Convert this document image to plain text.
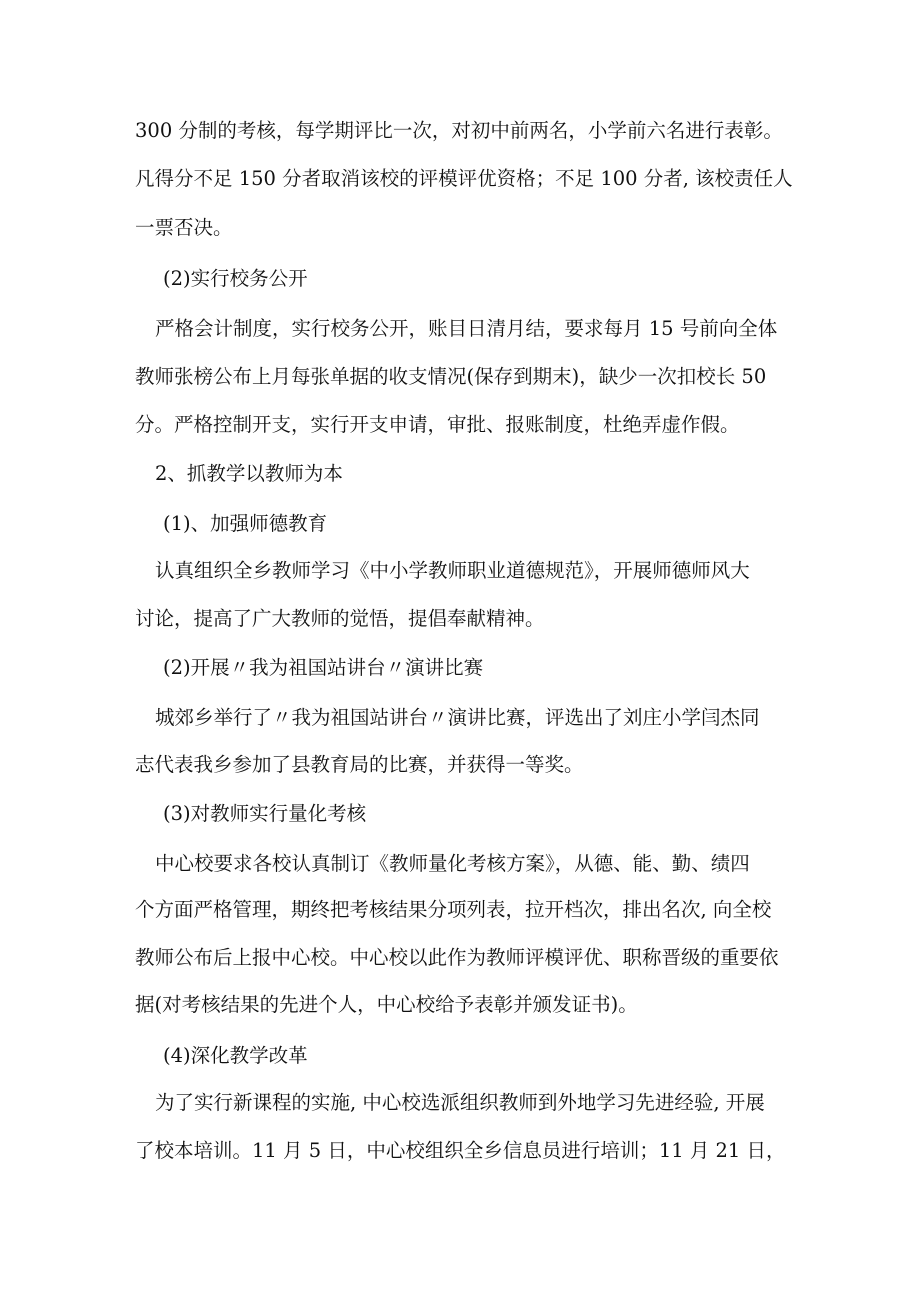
300 分制的考核，每学期评比一次，对初中前两名，小学前六名进行表彰。
凡得分不足 150 分者取消该校的评模评优资格；不足 100 分者, 该校责任人
一票否决。
(2)实行校务公开
严格会计制度，实行校务公开，账目日清月结，要求每月 15 号前向全体
教师张榜公布上月每张单据的收支情况(保存到期末)，缺少一次扣校长 50
分。严格控制开支，实行开支申请，审批、报账制度，杜绝弄虚作假。
2、抓教学以教师为本
(1)、加强师德教育
认真组织全乡教师学习《中小学教师职业道德规范》，开展师德师风大
讨论，提高了广大教师的觉悟，提倡奉献精神。
(2)开展〃我为祖国站讲台〃演讲比赛
城郊乡举行了〃我为祖国站讲台〃演讲比赛，评选出了刘庄小学闫杰同
志代表我乡参加了县教育局的比赛，并获得一等奖。
(3)对教师实行量化考核
中心校要求各校认真制订《教师量化考核方案》，从德、能、勤、绩四
个方面严格管理，期终把考核结果分项列表，拉开档次，排出名次, 向全校
教师公布后上报中心校。中心校以此作为教师评模评优、职称晋级的重要依
据(对考核结果的先进个人，中心校给予表彰并颁发证书)。
(4)深化教学改革
为了实行新课程的实施, 中心校选派组织教师到外地学习先进经验, 开展
了校本培训。11 月 5 日，中心校组织全乡信息员进行培训；11 月 21 日，
